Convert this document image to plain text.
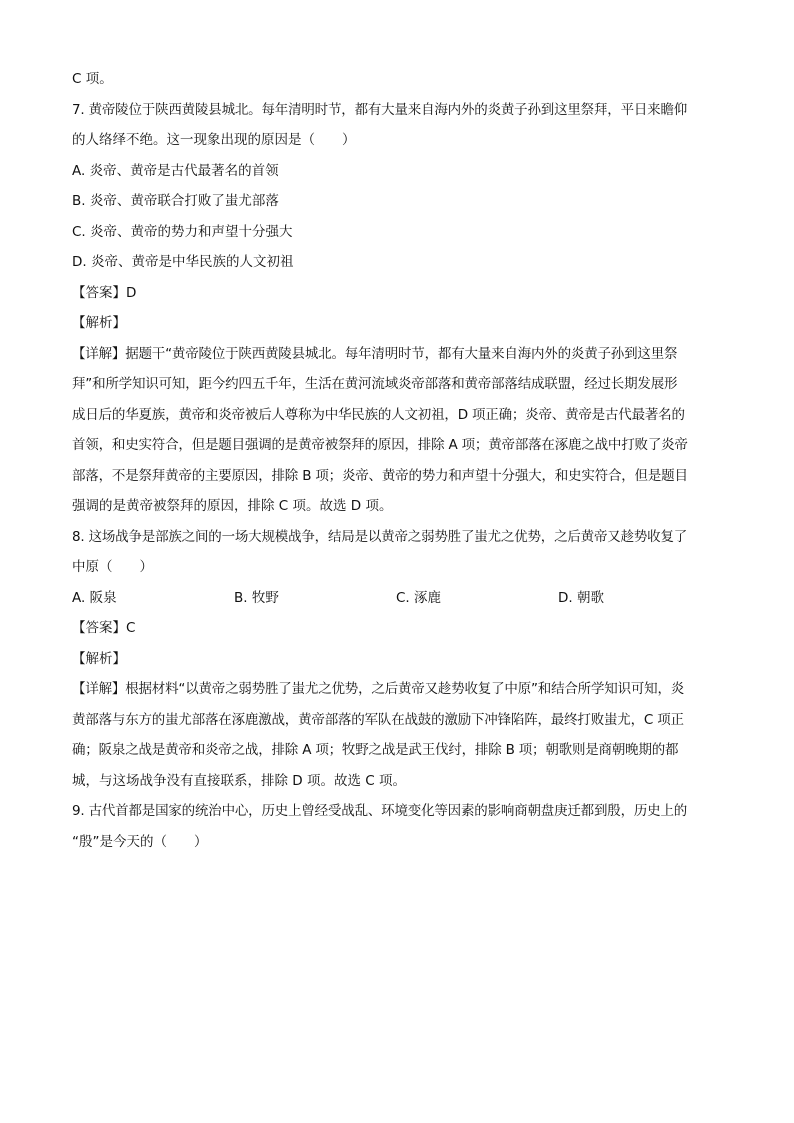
C 项。
7. 黄帝陵位于陕西黄陵县城北。每年清明时节，都有大量来自海内外的炎黄子孙到这里祭拜，平日来瞻仰
的人络绎不绝。这一现象出现的原因是（　　）
A. 炎帝、黄帝是古代最著名的首领
B. 炎帝、黄帝联合打败了蚩尤部落
C. 炎帝、黄帝的势力和声望十分强大
D. 炎帝、黄帝是中华民族的人文初祖
【答案】D
【解析】
【详解】据题干“黄帝陵位于陕西黄陵县城北。每年清明时节，都有大量来自海内外的炎黄子孙到这里祭
拜”和所学知识可知，距今约四五千年，生活在黄河流域炎帝部落和黄帝部落结成联盟，经过长期发展形
成日后的华夏族，黄帝和炎帝被后人尊称为中华民族的人文初祖，D 项正确；炎帝、黄帝是古代最著名的
首领，和史实符合，但是题目强调的是黄帝被祭拜的原因，排除 A 项；黄帝部落在涿鹿之战中打败了炎帝
部落，不是祭拜黄帝的主要原因，排除 B 项；炎帝、黄帝的势力和声望十分强大，和史实符合，但是题目
强调的是黄帝被祭拜的原因，排除 C 项。故选 D 项。
8. 这场战争是部族之间的一场大规模战争，结局是以黄帝之弱势胜了蚩尤之优势，之后黄帝又趁势收复了
中原（　　）
A. 阪泉	B. 牧野	C. 涿鹿	D. 朝歌
【答案】C
【解析】
【详解】根据材料“以黄帝之弱势胜了蚩尤之优势，之后黄帝又趁势收复了中原”和结合所学知识可知，炎
黄部落与东方的蚩尤部落在涿鹿激战，黄帝部落的军队在战鼓的激励下冲锋陷阵，最终打败蚩尤，C 项正
确；阪泉之战是黄帝和炎帝之战，排除 A 项；牧野之战是武王伐纣，排除 B 项；朝歌则是商朝晚期的都
城，与这场战争没有直接联系，排除 D 项。故选 C 项。
9. 古代首都是国家的统治中心，历史上曾经受战乱、环境变化等因素的影响商朝盘庚迁都到殷，历史上的
“殷”是今天的（　　）
